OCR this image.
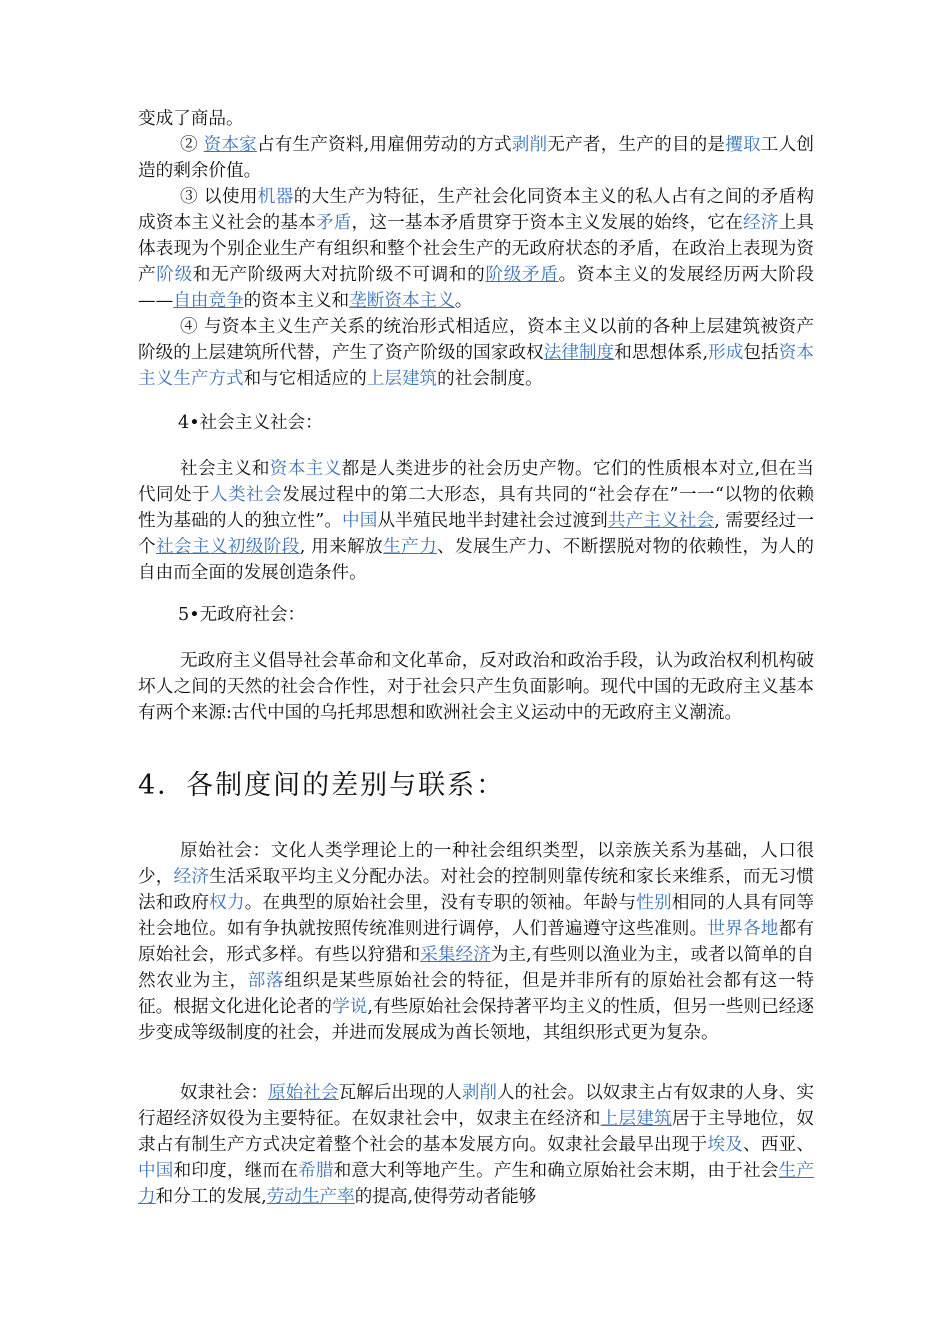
变成了商品。

② 资本家占有生产资料,用雇佣劳动的方式剥削无产者，生产的目的是攫取工人创造的剩余价值。

③ 以使用机器的大生产为特征，生产社会化同资本主义的私人占有之间的矛盾构成资本主义社会的基本矛盾，这一基本矛盾贯穿于资本主义发展的始终，它在经济上具体表现为个别企业生产有组织和整个社会生产的无政府状态的矛盾，在政治上表现为资产阶级和无产阶级两大对抗阶级不可调和的阶级矛盾。资本主义的发展经历两大阶段——自由竞争的资本主义和垄断资本主义。

④ 与资本主义生产关系的统治形式相适应，资本主义以前的各种上层建筑被资产阶级的上层建筑所代替，产生了资产阶级的国家政权法律制度和思想体系,形成包括资本主义生产方式和与它相适应的上层建筑的社会制度。

4•社会主义社会：

社会主义和资本主义都是人类进步的社会历史产物。它们的性质根本对立,但在当代同处于人类社会发展过程中的第二大形态，具有共同的“社会存在”一一“以物的依赖性为基础的人的独立性”。中国从半殖民地半封建社会过渡到共产主义社会, 需要经过一个社会主义初级阶段, 用来解放生产力、发展生产力、不断摆脱对物的依赖性，为人的自由而全面的发展创造条件。

5•无政府社会：

无政府主义倡导社会革命和文化革命，反对政治和政治手段，认为政治权利机构破坏人之间的天然的社会合作性，对于社会只产生负面影响。现代中国的无政府主义基本有两个来源:古代中国的乌托邦思想和欧洲社会主义运动中的无政府主义潮流。

4．各制度间的差别与联系：

原始社会：文化人类学理论上的一种社会组织类型，以亲族关系为基础，人口很少，经济生活采取平均主义分配办法。对社会的控制则靠传统和家长来维系，而无习惯法和政府权力。在典型的原始社会里，没有专职的领袖。年龄与性别相同的人具有同等社会地位。如有争执就按照传统准则进行调停，人们普遍遵守这些准则。世界各地都有原始社会，形式多样。有些以狩猎和采集经济为主,有些则以渔业为主，或者以简单的自然农业为主，部落组织是某些原始社会的特征，但是并非所有的原始社会都有这一特征。根据文化进化论者的学说,有些原始社会保持著平均主义的性质，但另一些则已经逐步变成等级制度的社会，并进而发展成为酋长领地，其组织形式更为复杂。

奴隶社会：原始社会瓦解后出现的人剥削人的社会。以奴隶主占有奴隶的人身、实行超经济奴役为主要特征。在奴隶社会中，奴隶主在经济和上层建筑居于主导地位，奴隶占有制生产方式决定着整个社会的基本发展方向。奴隶社会最早出现于埃及、西亚、中国和印度，继而在希腊和意大利等地产生。产生和确立原始社会末期，由于社会生产力和分工的发展,劳动生产率的提高,使得劳动者能够
